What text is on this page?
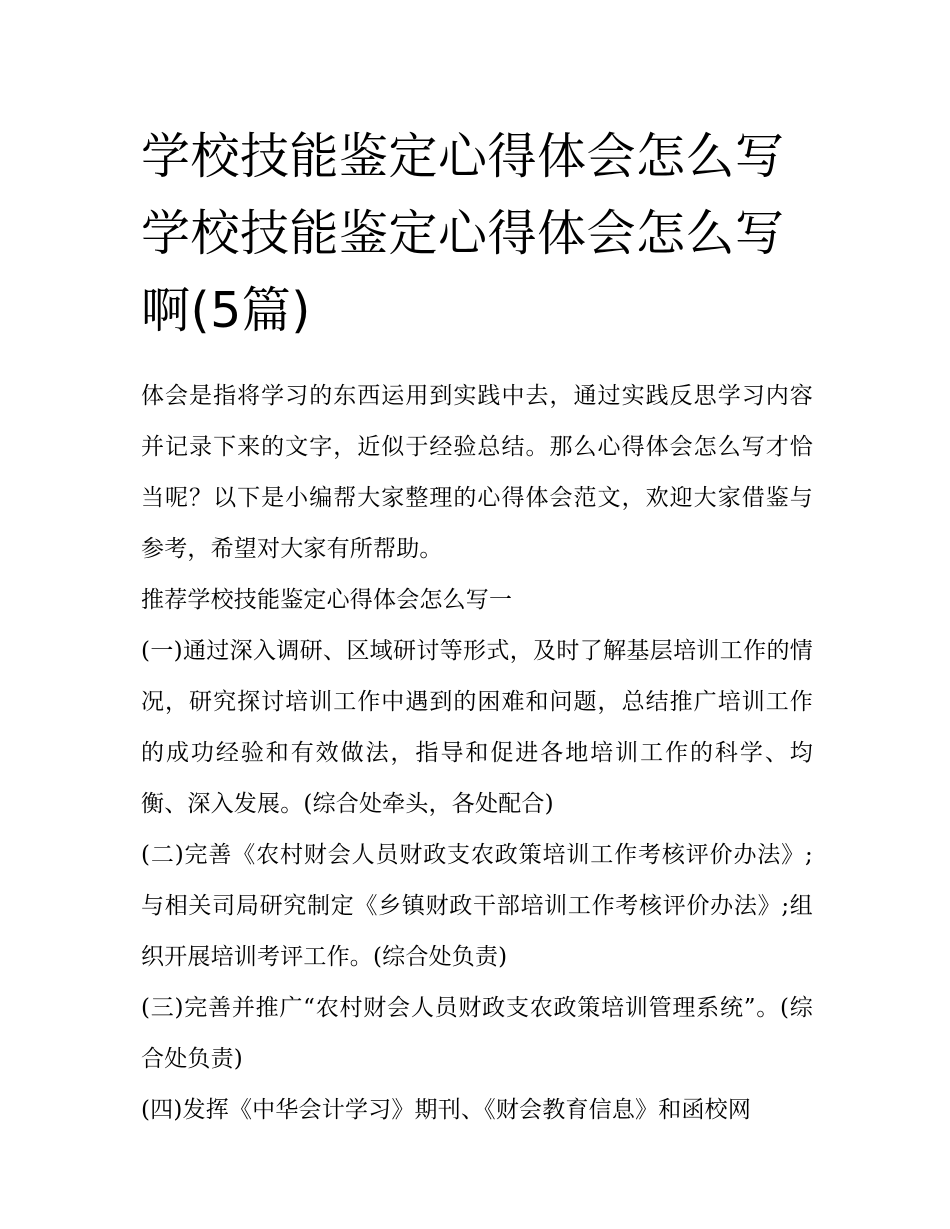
学校技能鉴定心得体会怎么写 学校技能鉴定心得体会怎么写啊(5篇)

体会是指将学习的东西运用到实践中去，通过实践反思学习内容并记录下来的文字，近似于经验总结。那么心得体会怎么写才恰当呢？以下是小编帮大家整理的心得体会范文，欢迎大家借鉴与参考，希望对大家有所帮助。

推荐学校技能鉴定心得体会怎么写一

(一)通过深入调研、区域研讨等形式，及时了解基层培训工作的情况，研究探讨培训工作中遇到的困难和问题，总结推广培训工作的成功经验和有效做法，指导和促进各地培训工作的科学、均衡、深入发展。(综合处牵头，各处配合)

(二)完善《农村财会人员财政支农政策培训工作考核评价办法》;与相关司局研究制定《乡镇财政干部培训工作考核评价办法》;组织开展培训考评工作。(综合处负责)

(三)完善并推广“农村财会人员财政支农政策培训管理系统”。(综合处负责)

(四)发挥《中华会计学习》期刊、《财会教育信息》和函校网
